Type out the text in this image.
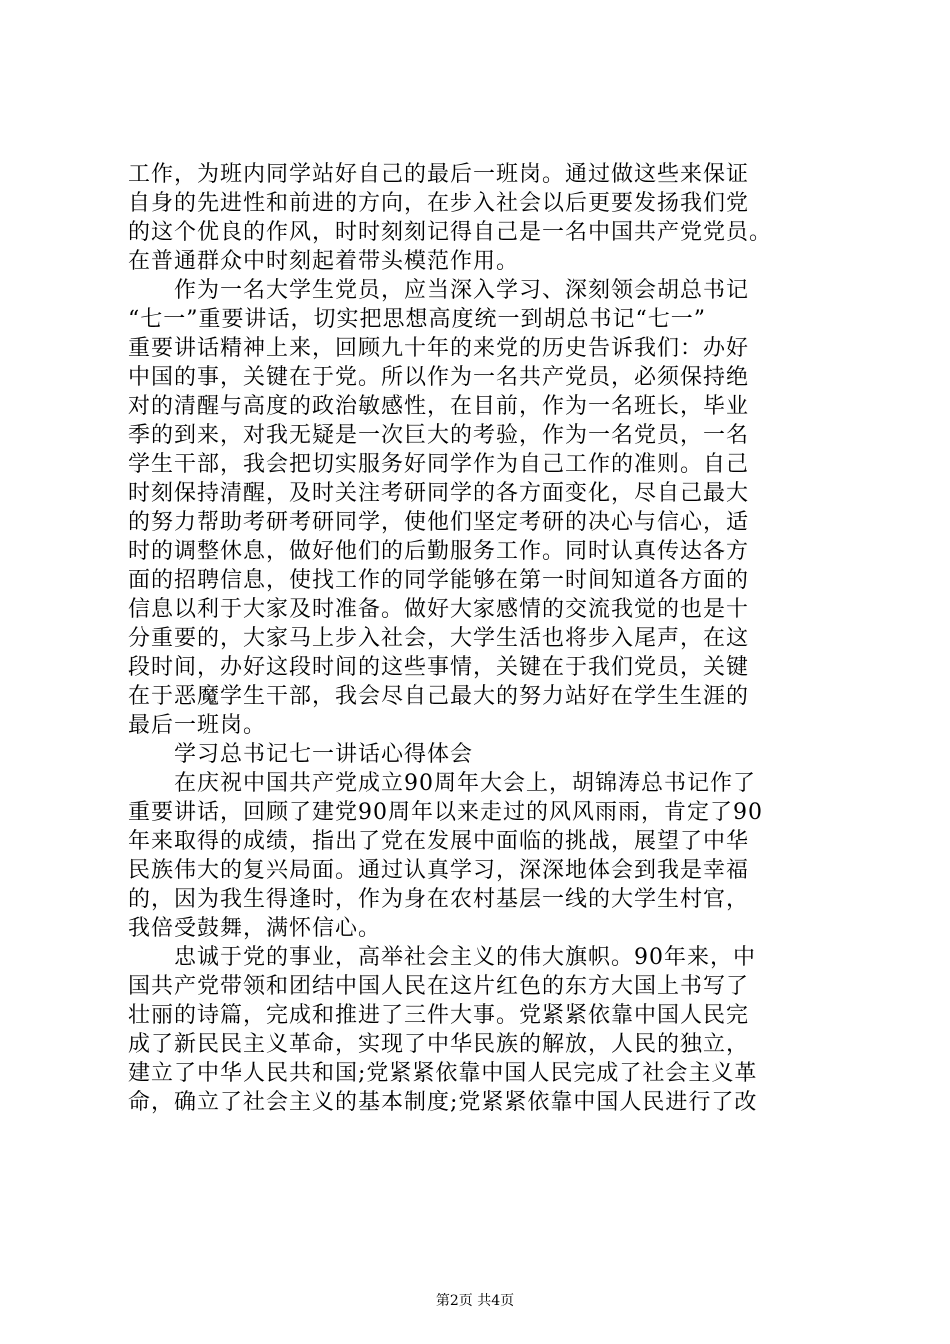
工作，为班内同学站好自己的最后一班岗。通过做这些来保证
自身的先进性和前进的方向，在步入社会以后更要发扬我们党
的这个优良的作风，时时刻刻记得自己是一名中国共产党党员。
在普通群众中时刻起着带头模范作用。
　　作为一名大学生党员，应当深入学习、深刻领会胡总书记
“七一”重要讲话，切实把思想高度统一到胡总书记“七一”
重要讲话精神上来，回顾九十年的来党的历史告诉我们：办好
中国的事，关键在于党。所以作为一名共产党员，必须保持绝
对的清醒与高度的政治敏感性，在目前，作为一名班长，毕业
季的到来，对我无疑是一次巨大的考验，作为一名党员，一名
学生干部，我会把切实服务好同学作为自己工作的准则。自己
时刻保持清醒，及时关注考研同学的各方面变化，尽自己最大
的努力帮助考研考研同学，使他们坚定考研的决心与信心，适
时的调整休息，做好他们的后勤服务工作。同时认真传达各方
面的招聘信息，使找工作的同学能够在第一时间知道各方面的
信息以利于大家及时准备。做好大家感情的交流我觉的也是十
分重要的，大家马上步入社会，大学生活也将步入尾声，在这
段时间，办好这段时间的这些事情，关键在于我们党员，关键
在于恶魔学生干部，我会尽自己最大的努力站好在学生生涯的
最后一班岗。
　　学习总书记七一讲话心得体会
　　在庆祝中国共产党成立90周年大会上，胡锦涛总书记作了
重要讲话，回顾了建党90周年以来走过的风风雨雨，肯定了90
年来取得的成绩，指出了党在发展中面临的挑战，展望了中华
民族伟大的复兴局面。通过认真学习，深深地体会到我是幸福
的，因为我生得逢时，作为身在农村基层一线的大学生村官，
我倍受鼓舞，满怀信心。
　　忠诚于党的事业，高举社会主义的伟大旗帜。90年来，中
国共产党带领和团结中国人民在这片红色的东方大国上书写了
壮丽的诗篇，完成和推进了三件大事。党紧紧依靠中国人民完
成了新民民主义革命，实现了中华民族的解放，人民的独立，
建立了中华人民共和国;党紧紧依靠中国人民完成了社会主义革
命，确立了社会主义的基本制度;党紧紧依靠中国人民进行了改
第2页 共4页
